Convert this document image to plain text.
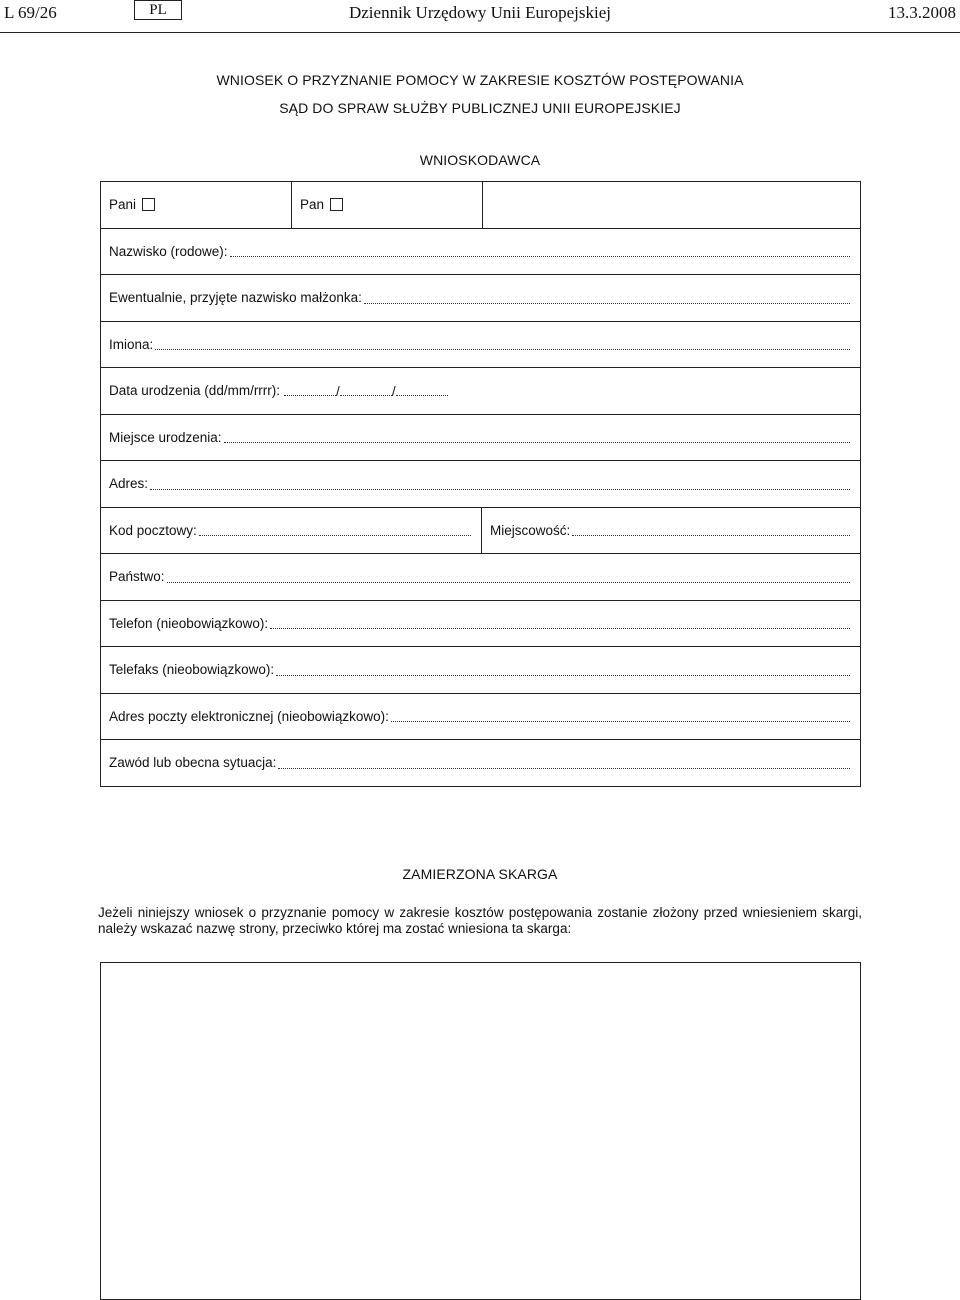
L 69/26	PL	Dziennik Urzędowy Unii Europejskiej	13.3.2008
WNIOSEK O PRZYZNANIE POMOCY W ZAKRESIE KOSZTÓW POSTĘPOWANIA
SĄD DO SPRAW SŁUŻBY PUBLICZNEJ UNII EUROPEJSKIEJ
WNIOSKODAWCA
Pani	Pan
Nazwisko (rodowe):
Ewentualnie, przyjęte nazwisko małżonka:
Imiona:
Data urodzenia (dd/mm/rrrr):	/	/
Miejsce urodzenia:
Adres:
Kod pocztowy:	Miejscowość:
Państwo:
Telefon (nieobowiązkowo):
Telefaks (nieobowiązkowo):
Adres poczty elektronicznej (nieobowiązkowo):
Zawód lub obecna sytuacja:
ZAMIERZONA SKARGA
Jeżeli niniejszy wniosek o przyznanie pomocy w zakresie kosztów postępowania zostanie złożony przed wniesieniem skargi, należy wskazać nazwę strony, przeciwko której ma zostać wniesiona ta skarga:
